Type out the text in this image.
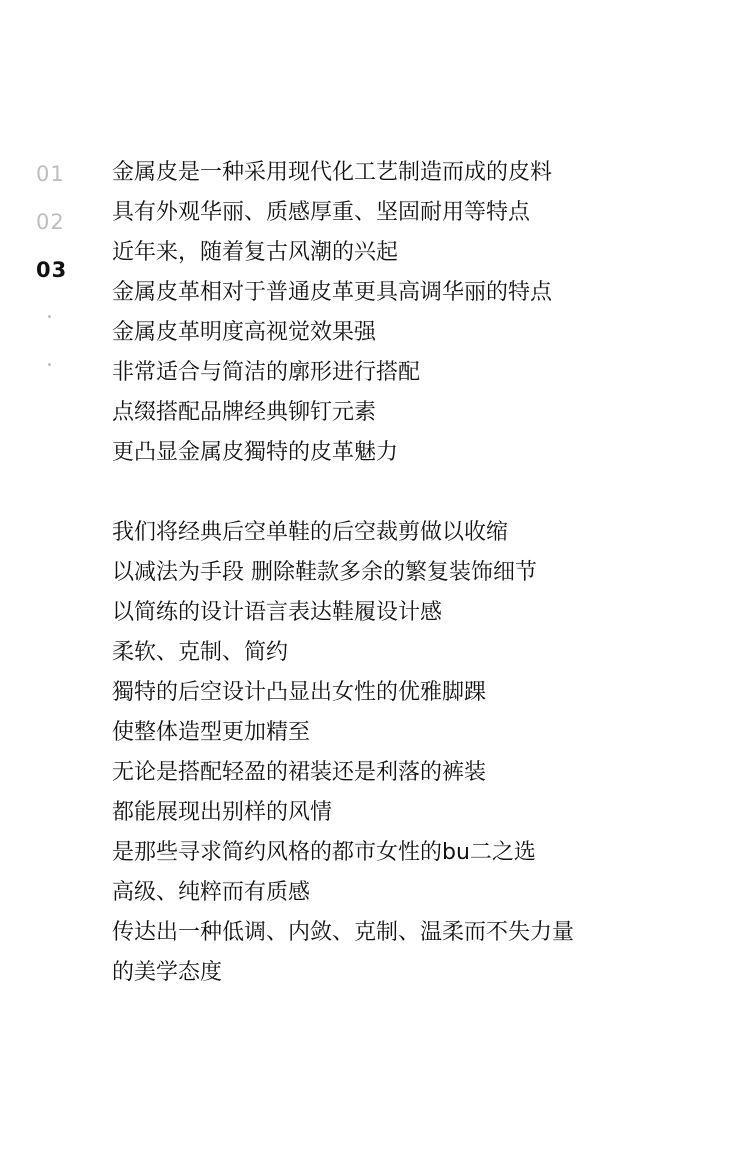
01
02
03
金属皮是一种采用现代化工艺制造而成的皮料
具有外观华丽、质感厚重、坚固耐用等特点
近年来，随着复古风潮的兴起
金属皮革相对于普通皮革更具高调华丽的特点
金属皮革明度高视觉效果强
非常适合与简洁的廓形进行搭配
点缀搭配品牌经典铆钉元素
更凸显金属皮獨特的皮革魅力
我们将经典后空单鞋的后空裁剪做以收缩
以减法为手段 删除鞋款多余的繁复装饰细节
以简练的设计语言表达鞋履设计感
柔软、克制、简约
獨特的后空设计凸显出女性的优雅脚踝
使整体造型更加精至
无论是搭配轻盈的裙装还是利落的裤装
都能展现出别样的风情
是那些寻求简约风格的都市女性的bu二之选
高级、纯粹而有质感
传达出一种低调、内敛、克制、温柔而不失力量
的美学态度
